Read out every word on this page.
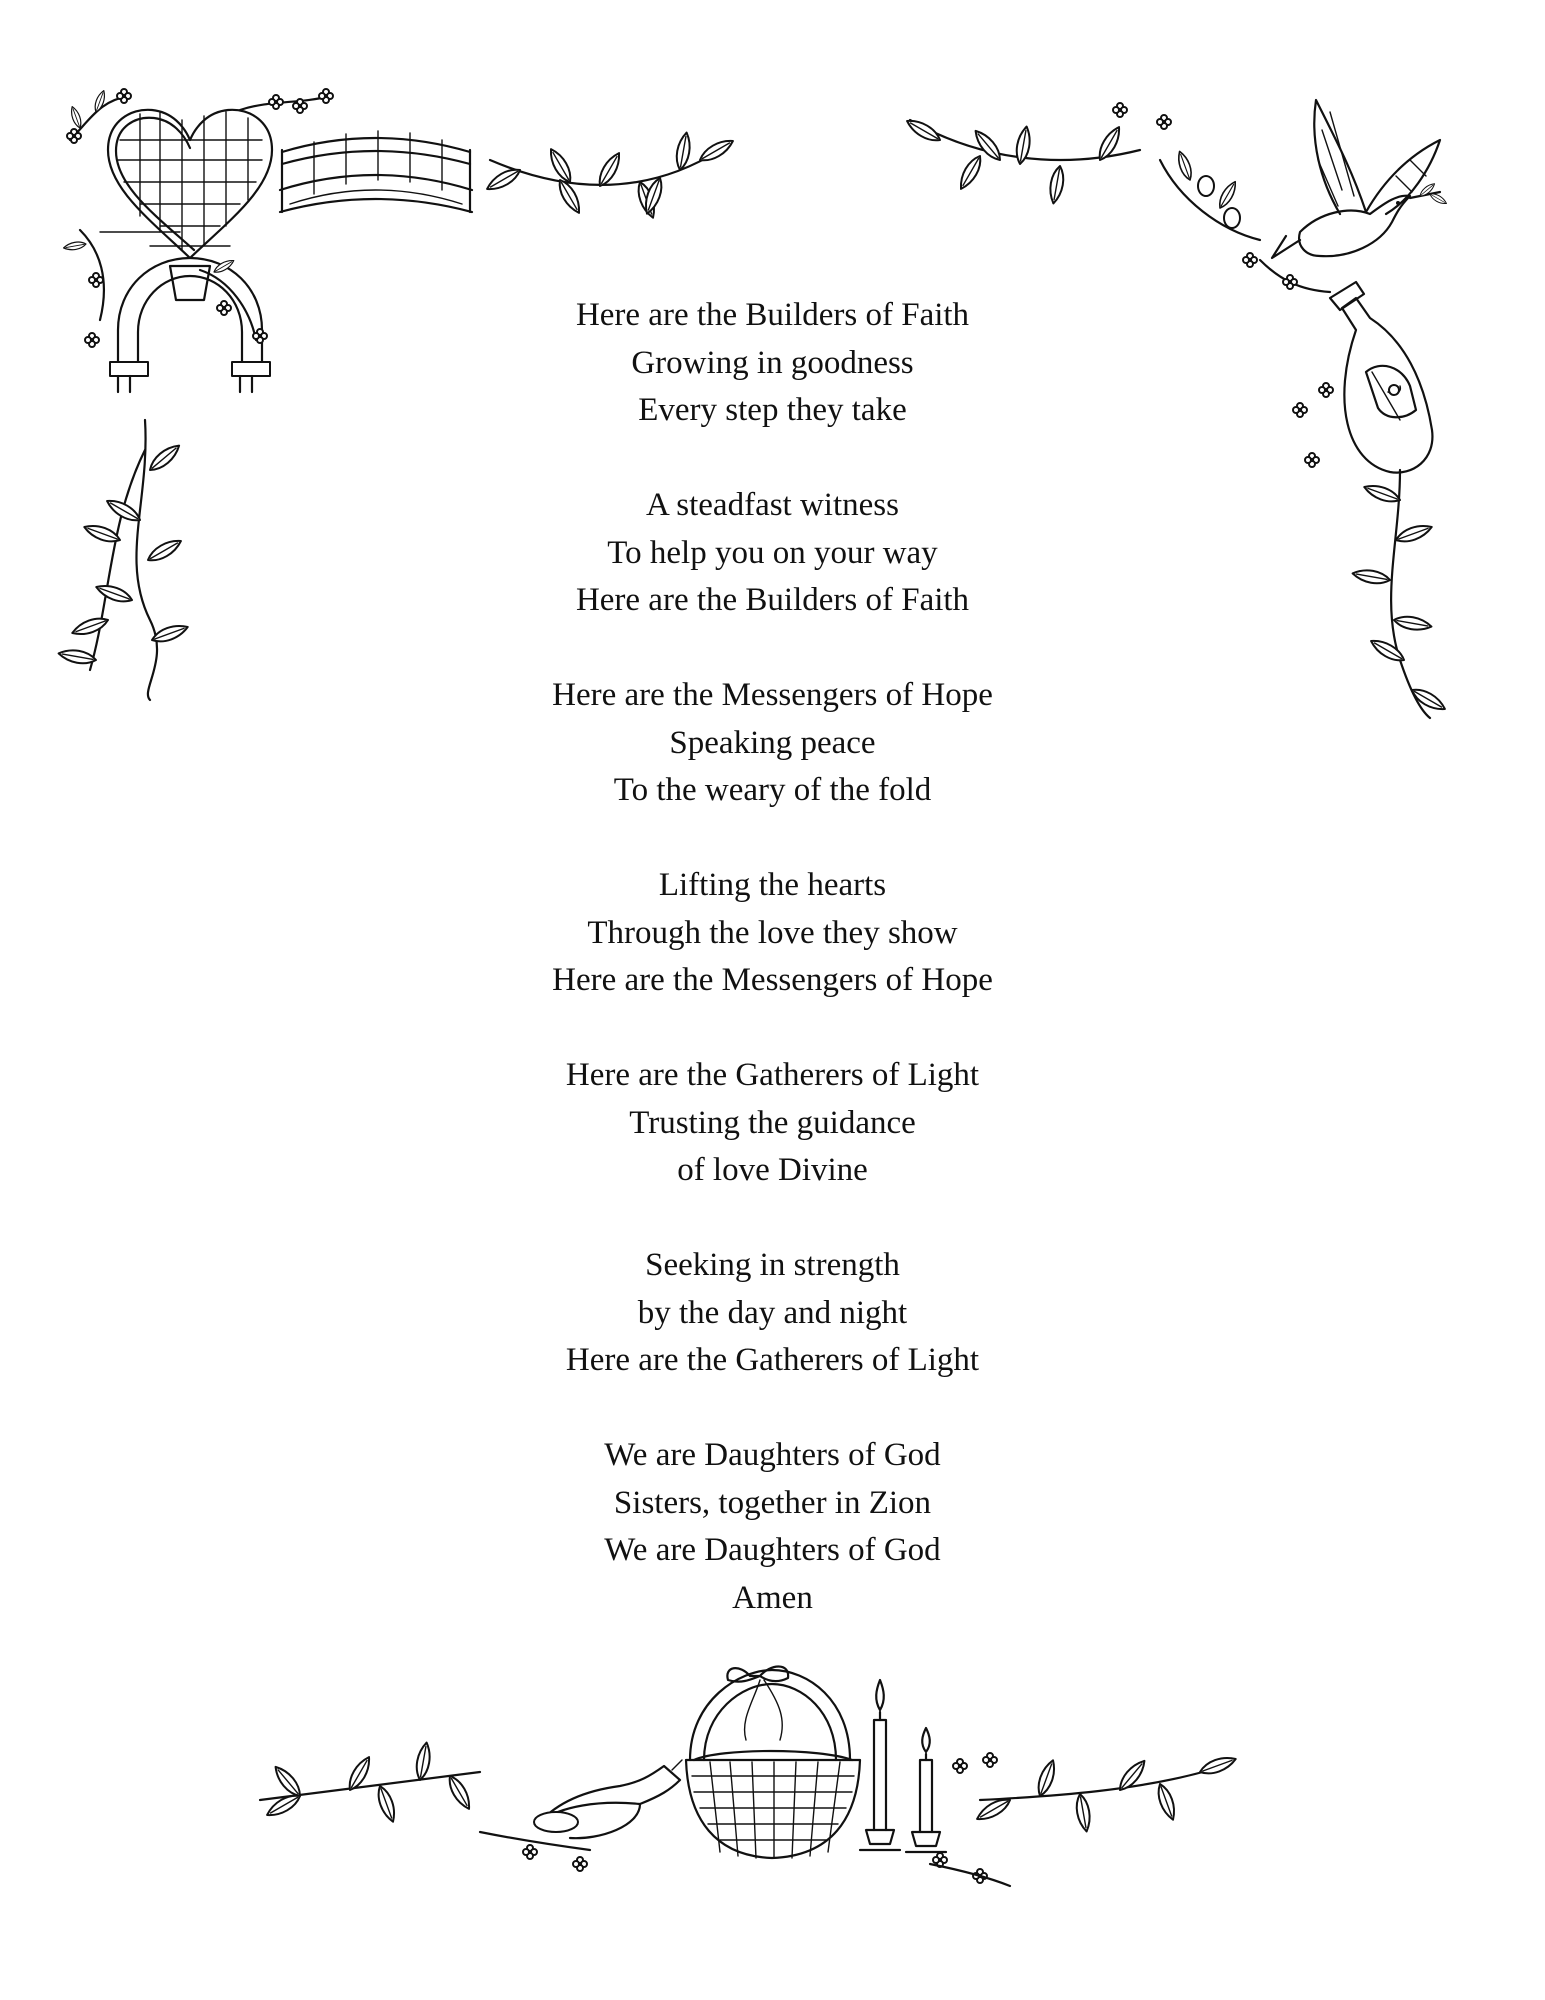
Here are the Builders of Faith
Growing in goodness
Every step they take
A steadfast witness
To help you on your way
Here are the Builders of Faith
Here are the Messengers of Hope
Speaking peace
To the weary of the fold
Lifting the hearts
Through the love they show
Here are the Messengers of Hope
Here are the Gatherers of Light
Trusting the guidance
of love Divine
Seeking in strength
by the day and night
Here are the Gatherers of Light
We are Daughters of God
Sisters, together in Zion
We are Daughters of God
Amen
